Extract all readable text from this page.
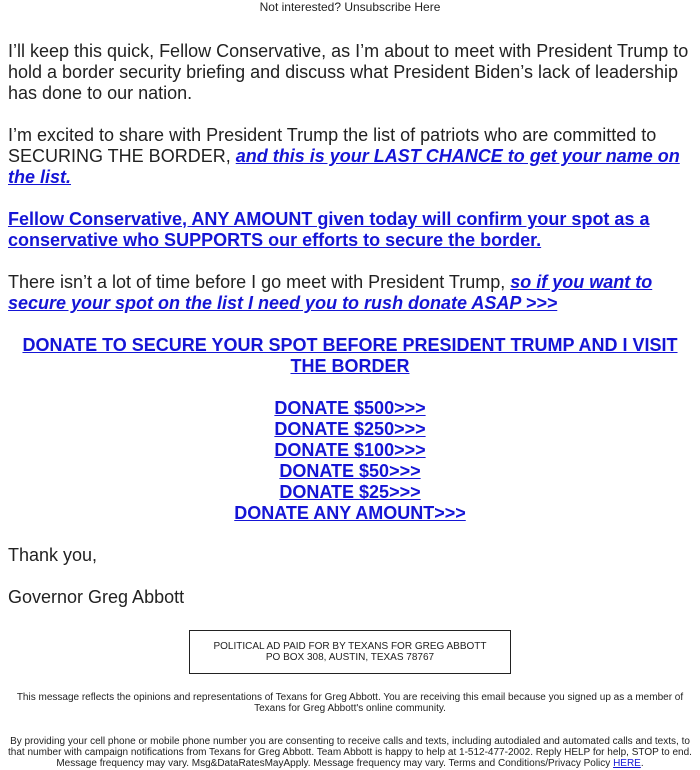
Not interested? Unsubscribe Here

I’ll keep this quick, Fellow Conservative, as I’m about to meet with President Trump to hold a border security briefing and discuss what President Biden’s lack of leadership has done to our nation.

I’m excited to share with President Trump the list of patriots who are committed to SECURING THE BORDER, and this is your LAST CHANCE to get your name on the list.

Fellow Conservative, ANY AMOUNT given today will confirm your spot as a conservative who SUPPORTS our efforts to secure the border.

There isn’t a lot of time before I go meet with President Trump, so if you want to secure your spot on the list I need you to rush donate ASAP >>>

DONATE TO SECURE YOUR SPOT BEFORE PRESIDENT TRUMP AND I VISIT THE BORDER

DONATE $500>>>
DONATE $250>>>
DONATE $100>>>
DONATE $50>>>
DONATE $25>>>
DONATE ANY AMOUNT>>>

Thank you,

Governor Greg Abbott

POLITICAL AD PAID FOR BY TEXANS FOR GREG ABBOTT
PO BOX 308, AUSTIN, TEXAS 78767

This message reflects the opinions and representations of Texans for Greg Abbott. You are receiving this email because you signed up as a member of Texans for Greg Abbott's online community.

By providing your cell phone or mobile phone number you are consenting to receive calls and texts, including autodialed and automated calls and texts, to that number with campaign notifications from Texans for Greg Abbott. Team Abbott is happy to help at 1-512-477-2002. Reply HELP for help, STOP to end. Message frequency may vary. Msg&DataRatesMayApply. Message frequency may vary. Terms and Conditions/Privacy Policy HERE.
